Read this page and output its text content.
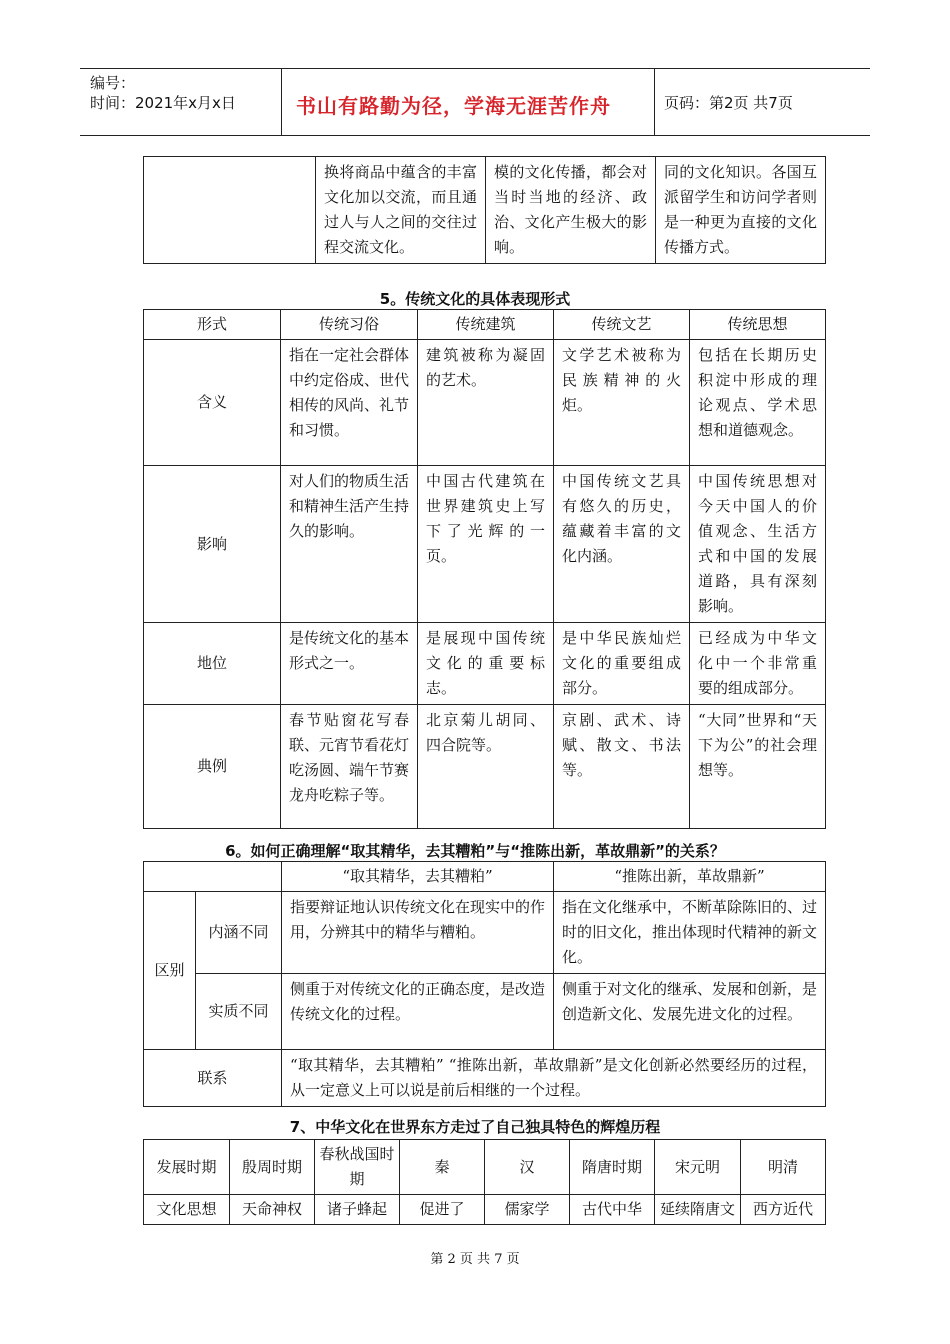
编号：
时间：2021年x月x日	书山有路勤为径，学海无涯苦作舟	页码：第2页 共7页
	换将商品中蕴含的丰富文化加以交流，而且通过人与人之间的交往过程交流文化。	模的文化传播，都会对当时当地的经济、政治、文化产生极大的影响。	同的文化知识。各国互派留学生和访问学者则是一种更为直接的文化传播方式。
5。传统文化的具体表现形式
形式	传统习俗	传统建筑	传统文艺	传统思想
含义	指在一定社会群体中约定俗成、世代相传的风尚、礼节和习惯。	建筑被称为凝固的艺术。	文学艺术被称为民族精神的火炬。	包括在长期历史积淀中形成的理论观点、学术思想和道德观念。
影响	对人们的物质生活和精神生活产生持久的影响。	中国古代建筑在世界建筑史上写下了光辉的一页。	中国传统文艺具有悠久的历史，蕴藏着丰富的文化内涵。	中国传统思想对今天中国人的价值观念、生活方式和中国的发展道路，具有深刻影响。
地位	是传统文化的基本形式之一。	是展现中国传统文化的重要标志。	是中华民族灿烂文化的重要组成部分。	已经成为中华文化中一个非常重要的组成部分。
典例	春节贴窗花写春联、元宵节看花灯吃汤圆、端午节赛龙舟吃粽子等。	北京菊儿胡同、四合院等。	京剧、武术、诗赋、散文、书法等。	“大同”世界和“天下为公”的社会理想等。
6。如何正确理解“取其精华，去其糟粕”与“推陈出新，革故鼎新”的关系？
		“取其精华，去其糟粕”	“推陈出新，革故鼎新”
区别	内涵不同	指要辩证地认识传统文化在现实中的作用，分辨其中的精华与糟粕。	指在文化继承中，不断革除陈旧的、过时的旧文化，推出体现时代精神的新文化。
	实质不同	侧重于对传统文化的正确态度，是改造传统文化的过程。	侧重于对文化的继承、发展和创新，是创造新文化、发展先进文化的过程。
联系		“取其精华，去其糟粕” “推陈出新，革故鼎新”是文化创新必然要经历的过程，从一定意义上可以说是前后相继的一个过程。	
7、中华文化在世界东方走过了自己独具特色的辉煌历程
发展时期	殷周时期	春秋战国时期	秦	汉	隋唐时期	宋元明	明清
文化思想	天命神权	诸子蜂起	促进了	儒家学	古代中华	延续隋唐文	西方近代
第 2 页 共 7 页
